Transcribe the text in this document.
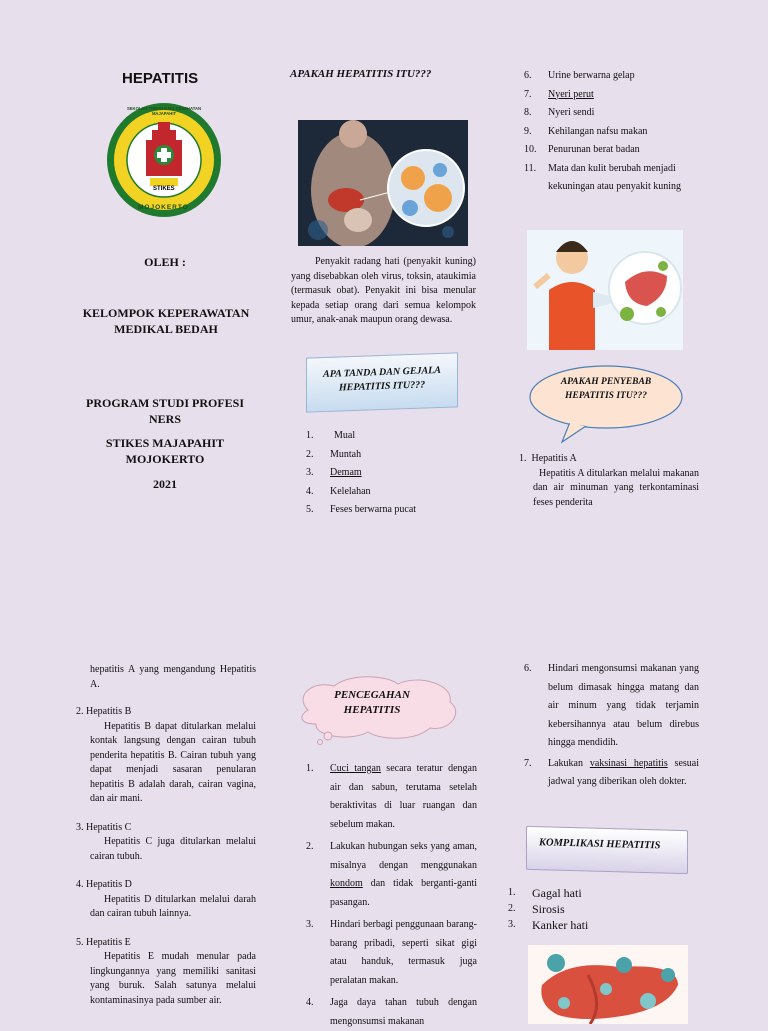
HEPATITIS
STIKES
SEKOLAH TINGGI ILMU KESEHATAN MAJAPAHIT
MOJOKERTO
OLEH :
KELOMPOK KEPERAWATAN MEDIKAL BEDAH
PROGRAM STUDI PROFESI NERS
STIKES MAJAPAHIT MOJOKERTO
2021
APAKAH HEPATITIS ITU???
Penyakit radang hati (penyakit kuning) yang disebabkan oleh virus, toksin, ataukimia (termasuk obat). Penyakit ini bisa menular kepada setiap orang dari semua kelompok umur, anak-anak maupun orang dewasa.
APA TANDA DAN GEJALA HEPATITIS ITU???
1. Mual
2. Muntah
3. Demam
4. Kelelahan
5. Feses berwarna pucat
6. Urine berwarna gelap
7. Nyeri perut
8. Nyeri sendi
9. Kehilangan nafsu makan
10. Penurunan berat badan
11. Mata dan kulit berubah menjadi kekuningan atau penyakit kuning
APAKAH PENYEBAB HEPATITIS ITU???
1.  Hepatitis A
Hepatitis A ditularkan melalui makanan dan air minuman yang terkontaminasi feses penderita
hepatitis A yang mengandung Hepatitis A.
2. Hepatitis B
Hepatitis B dapat ditularkan melalui kontak langsung dengan cairan tubuh penderita hepatitis B. Cairan tubuh yang dapat menjadi sasaran penularan hepatitis B adalah darah, cairan vagina, dan air mani.
3. Hepatitis C
Hepatitis C juga ditularkan melalui cairan tubuh.
4. Hepatitis D
Hepatitis D ditularkan melalui darah dan cairan tubuh lainnya.
5. Hepatitis E
Hepatitis E mudah menular pada lingkungannya yang memiliki sanitasi yang buruk. Salah satunya melalui kontaminasinya pada sumber air.
PENCEGAHAN HEPATITIS
1. Cuci tangan secara teratur dengan air dan sabun, terutama setelah beraktivitas di luar ruangan dan sebelum makan.
2. Lakukan hubungan seks yang aman, misalnya dengan menggunakan kondom dan tidak berganti-ganti pasangan.
3. Hindari berbagi penggunaan barang-barang pribadi, seperti sikat gigi atau handuk, termasuk juga peralatan makan.
4. Jaga daya tahan tubuh dengan mengonsumsi makanan
6. Hindari mengonsumsi makanan yang belum dimasak hingga matang dan air minum yang tidak terjamin kebersihannya atau belum direbus hingga mendidih.
7. Lakukan vaksinasi hepatitis sesuai jadwal yang diberikan oleh dokter.
KOMPLIKASI HEPATITIS
1. Gagal hati
2. Sirosis
3. Kanker hati
